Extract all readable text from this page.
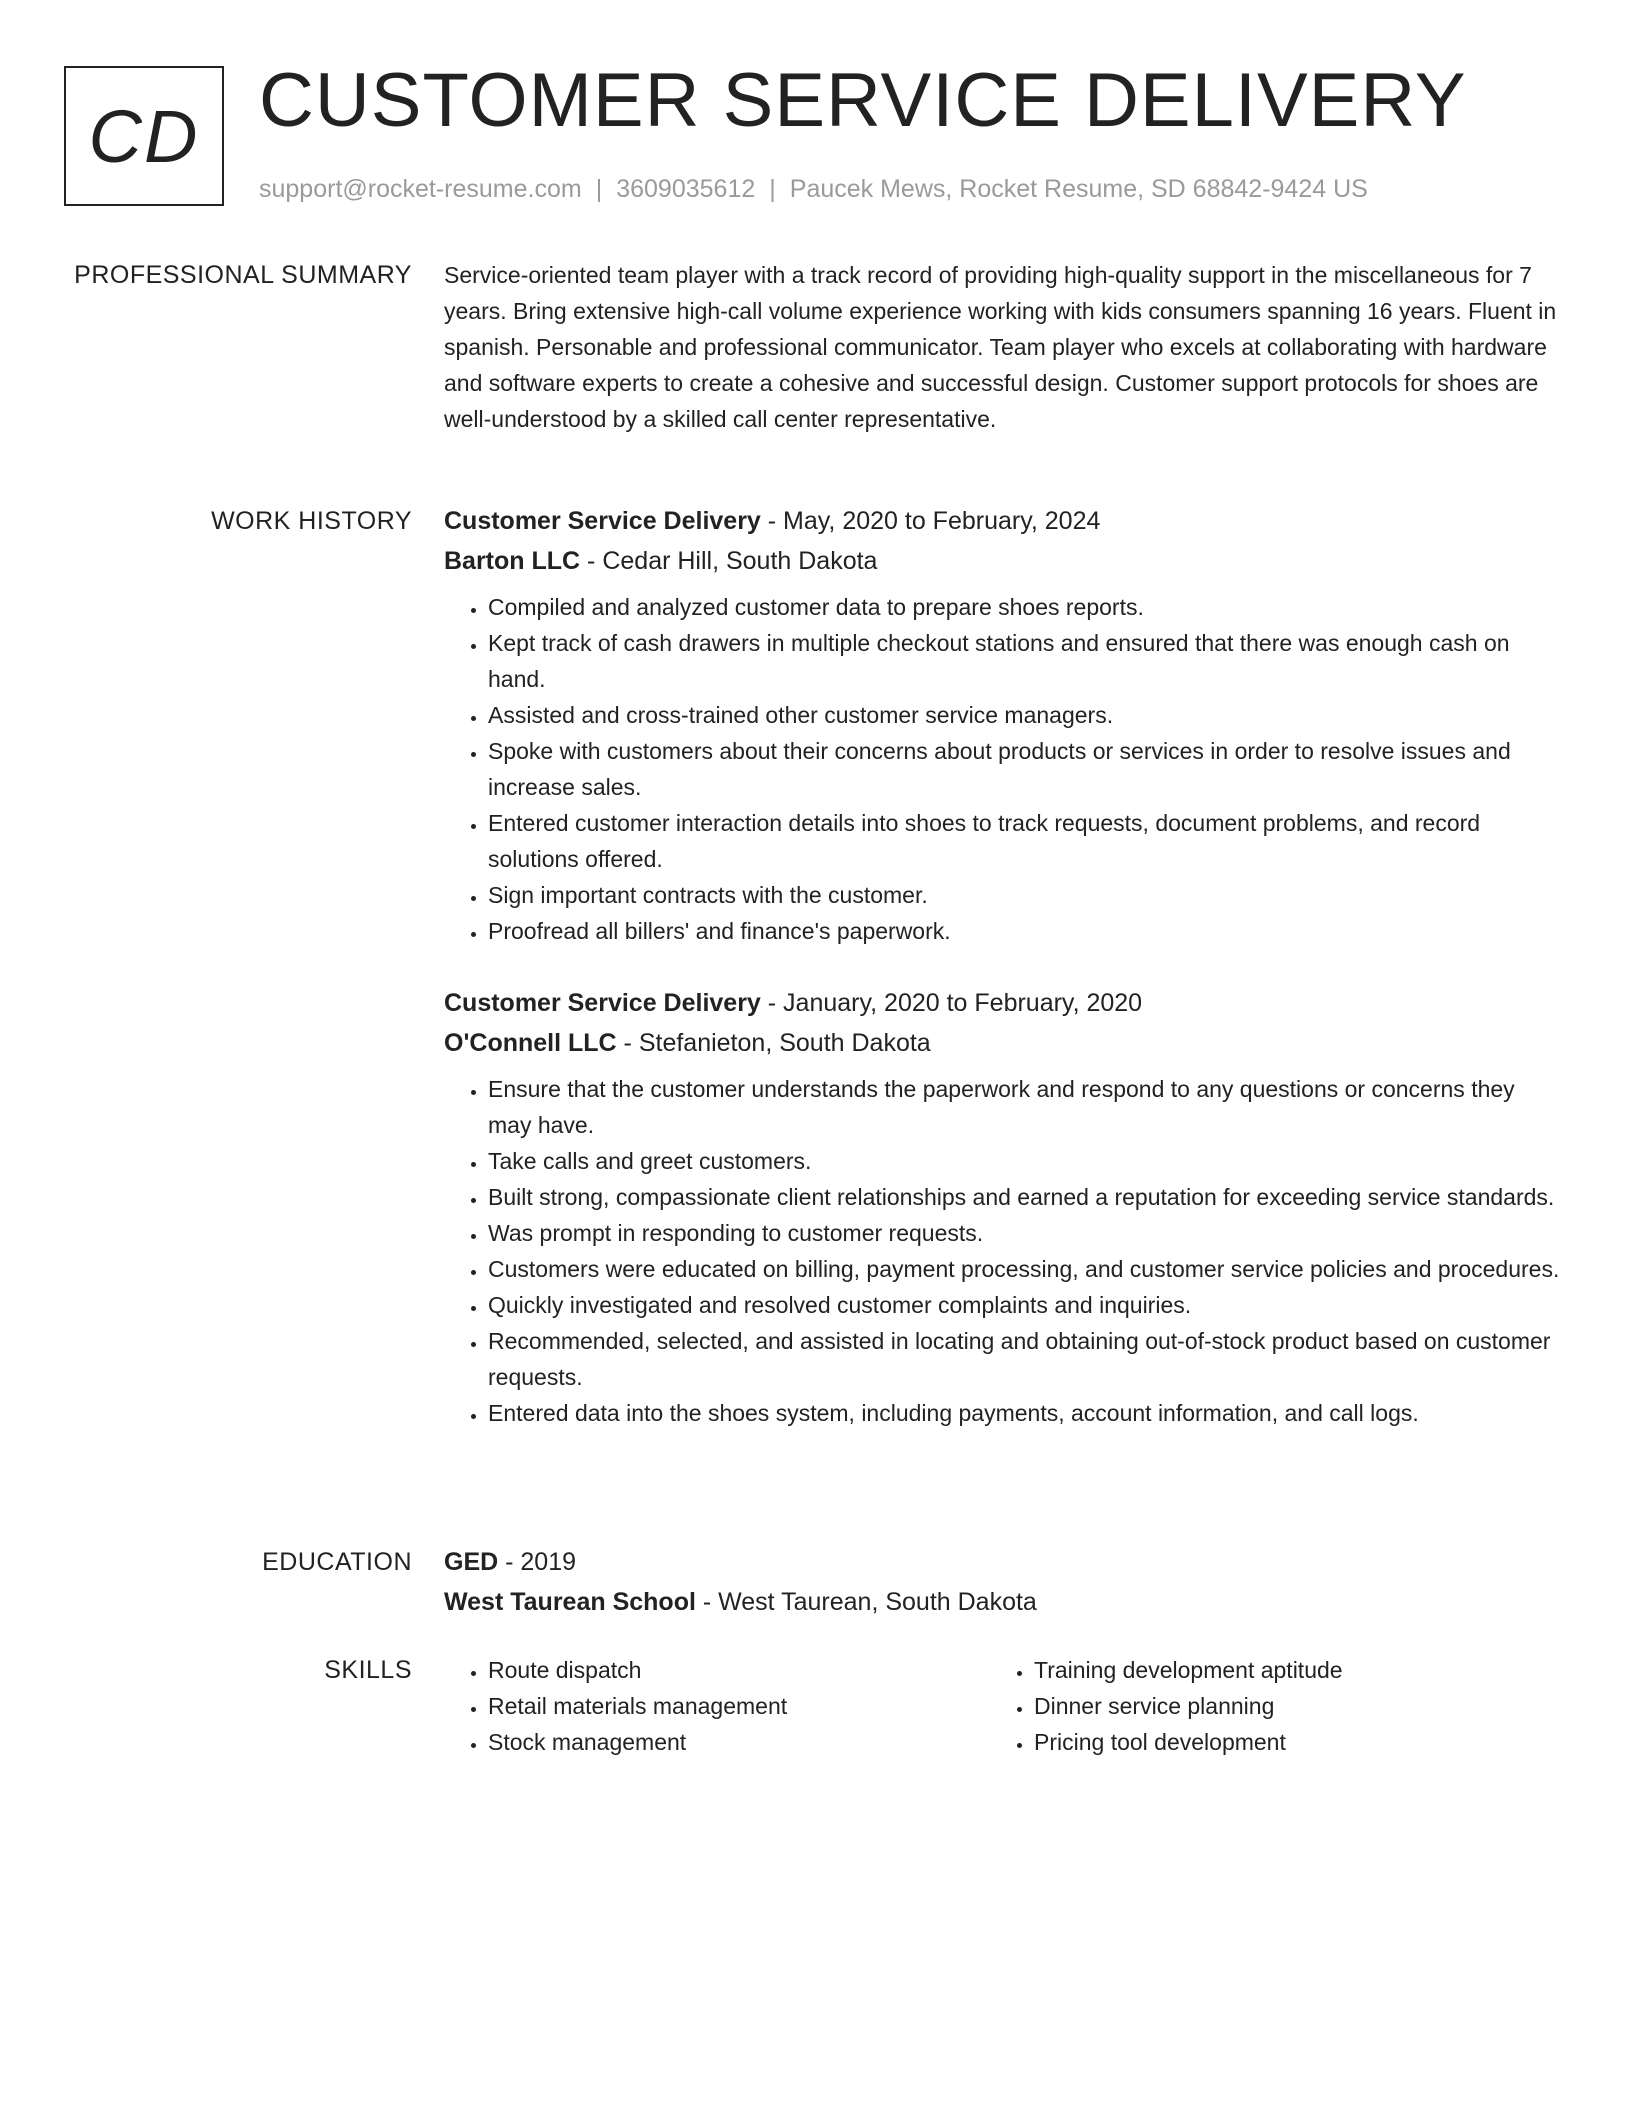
CD CUSTOMER SERVICE DELIVERY
support@rocket-resume.com | 3609035612 | Paucek Mews, Rocket Resume, SD 68842-9424 US
PROFESSIONAL SUMMARY Service-oriented team player with a track record of providing high-quality support in the miscellaneous for 7 years. Bring extensive high-call volume experience working with kids consumers spanning 16 years. Fluent in spanish. Personable and professional communicator. Team player who excels at collaborating with hardware and software experts to create a cohesive and successful design. Customer support protocols for shoes are well-understood by a skilled call center representative.

WORK HISTORY Customer Service Delivery - May, 2020 to February, 2024
Barton LLC - Cedar Hill, South Dakota
• Compiled and analyzed customer data to prepare shoes reports.
• Kept track of cash drawers in multiple checkout stations and ensured that there was enough cash on hand.
• Assisted and cross-trained other customer service managers.
• Spoke with customers about their concerns about products or services in order to resolve issues and increase sales.
• Entered customer interaction details into shoes to track requests, document problems, and record solutions offered.
• Sign important contracts with the customer.
• Proofread all billers' and finance's paperwork.
Customer Service Delivery - January, 2020 to February, 2020
O'Connell LLC - Stefanieton, South Dakota
• Ensure that the customer understands the paperwork and respond to any questions or concerns they may have.
• Take calls and greet customers.
• Built strong, compassionate client relationships and earned a reputation for exceeding service standards.
• Was prompt in responding to customer requests.
• Customers were educated on billing, payment processing, and customer service policies and procedures.
• Quickly investigated and resolved customer complaints and inquiries.
• Recommended, selected, and assisted in locating and obtaining out-of-stock product based on customer requests.
• Entered data into the shoes system, including payments, account information, and call logs.
EDUCATION GED - 2019
West Taurean School - West Taurean, South Dakota
SKILLS
•	Route dispatch
• Retail materials management
• Stock management
• Training development aptitude
• Dinner service planning
• Pricing tool development
